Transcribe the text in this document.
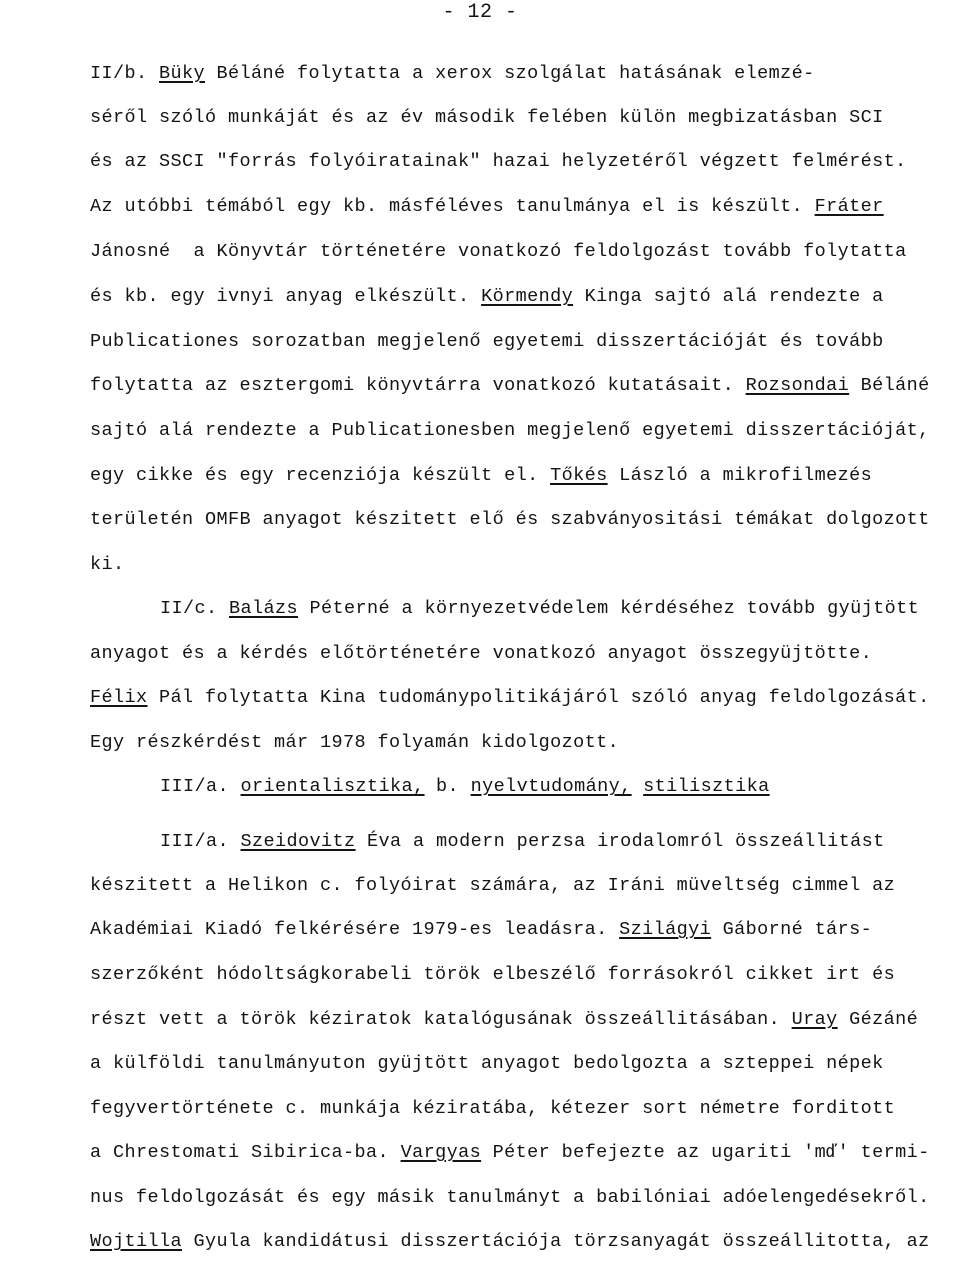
- 12 -
II/b. Büky Béláné folytatta a xerox szolgálat hatásának elemzé-
séről szóló munkáját és az év második felében külön megbizatásban SCI
és az SSCI "forrás folyóiratainak" hazai helyzetéről végzett felmérést.
Az utóbbi témából egy kb. másféléves tanulmánya el is készült. Fráter
Jánosné  a Könyvtár történetére vonatkozó feldolgozást tovább folytatta
és kb. egy ivnyi anyag elkészült. Körmendy Kinga sajtó alá rendezte a
Publicationes sorozatban megjelenő egyetemi disszertációját és tovább
folytatta az esztergomi könyvtárra vonatkozó kutatásait. Rozsondai Béláné
sajtó alá rendezte a Publicationesben megjelenő egyetemi disszertációját,
egy cikke és egy recenziója készült el. Tőkés László a mikrofilmezés
területén OMFB anyagot készitett elő és szabványositási témákat dolgozott
ki.
II/c. Balázs Péterné a környezetvédelem kérdéséhez tovább gyüjtött
anyagot és a kérdés előtörténetére vonatkozó anyagot összegyüjtötte.
Félix Pál folytatta Kina tudománypolitikájáról szóló anyag feldolgozását.
Egy részkérdést már 1978 folyamán kidolgozott.
III/a. orientalisztika, b. nyelvtudomány, stilisztika
III/a. Szeidovitz Éva a modern perzsa irodalomról összeállitást
készitett a Helikon c. folyóirat számára, az Iráni müveltség cimmel az
Akadémiai Kiadó felkérésére 1979-es leadásra. Szilágyi Gáborné társ-
szerzőként hódoltságkorabeli török elbeszélő forrásokról cikket irt és
részt vett a török kéziratok katalógusának összeállitásában. Uray Gézáné
a külföldi tanulmányuton gyüjtött anyagot bedolgozta a szteppei népek
fegyvertörténete c. munkája kéziratába, kétezer sort németre forditott
a Chrestomati Sibirica-ba. Vargyas Péter befejezte az ugariti 'mď' termi-
nus feldolgozását és egy másik tanulmányt a babilóniai adóelengedésekről.
Wojtilla Gyula kandidátusi disszertációja törzsanyagát összeállitotta, az
